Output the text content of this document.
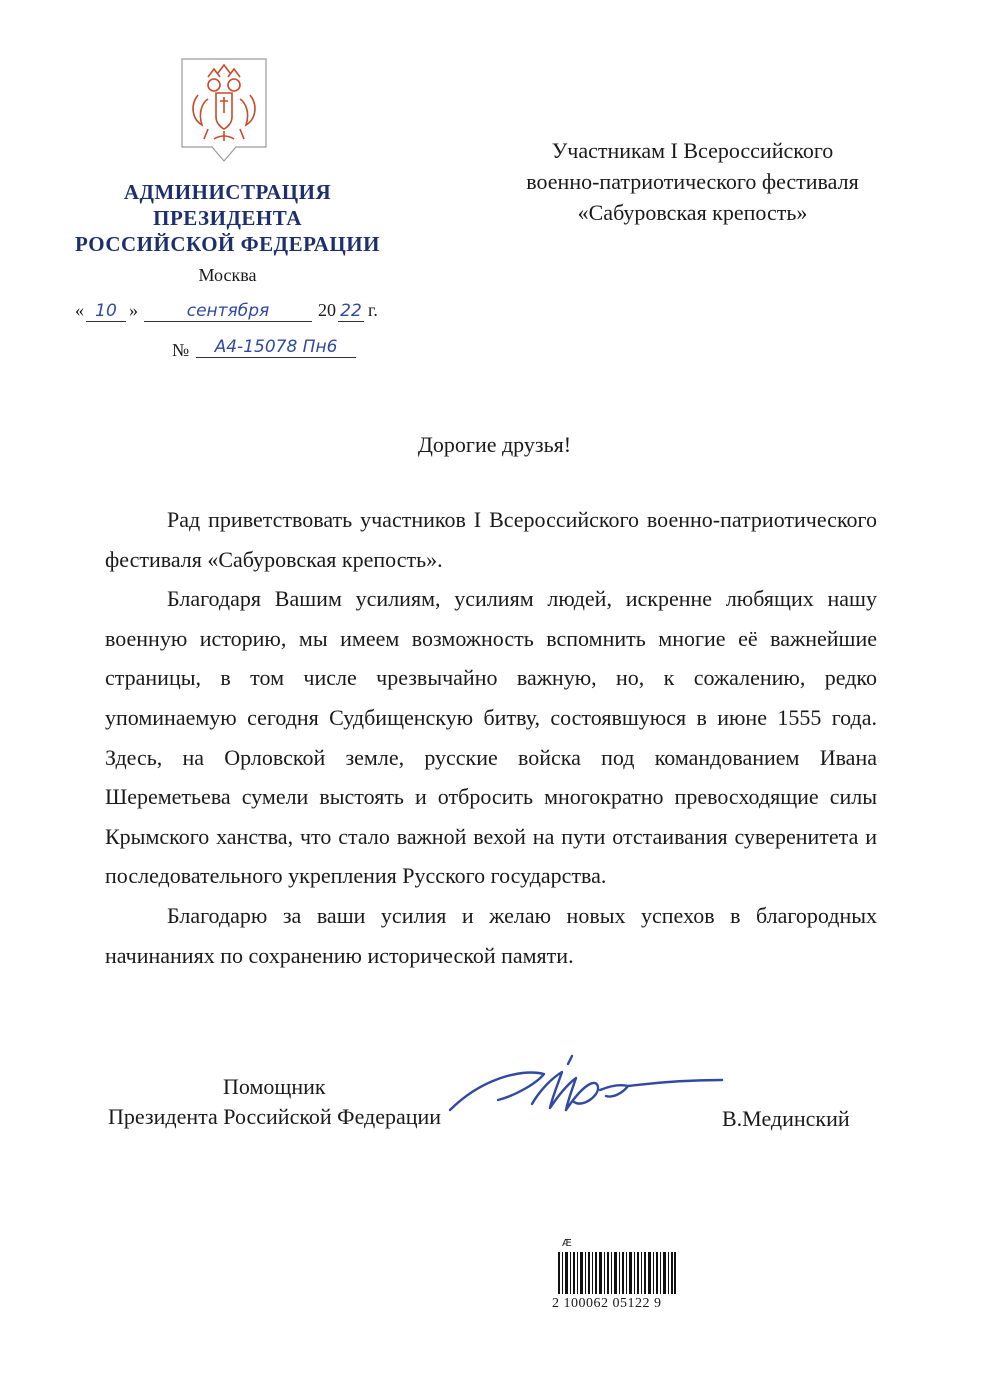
АДМИНИСТРАЦИЯ
ПРЕЗИДЕНТА
РОССИЙСКОЙ ФЕДЕРАЦИИ
Москва
« 10 »	сентября	20 22 г.
№	А4-15078 Пн6
Участникам I Всероссийского
военно-патриотического фестиваля
«Сабуровская крепость»
Дорогие друзья!

Рад приветствовать участников I Всероссийского военно-патриотического фестиваля «Сабуровская крепость».

Благодаря Вашим усилиям, усилиям людей, искренне любящих нашу военную историю, мы имеем возможность вспомнить многие её важнейшие страницы, в том числе чрезвычайно важную, но, к сожалению, редко упоминаемую сегодня Судбищенскую битву, состоявшуюся в июне 1555 года. Здесь, на Орловской земле, русские войска под командованием Ивана Шереметьева сумели выстоять и отбросить многократно превосходящие силы Крымского ханства, что стало важной вехой на пути отстаивания суверенитета и последовательного укрепления Русского государства.

Благодарю за ваши усилия и желаю новых успехов в благородных начинаниях по сохранению исторической памяти.

Помощник
Президента Российской Федерации	В.Мединский
Æ
2 100062 05122 9
